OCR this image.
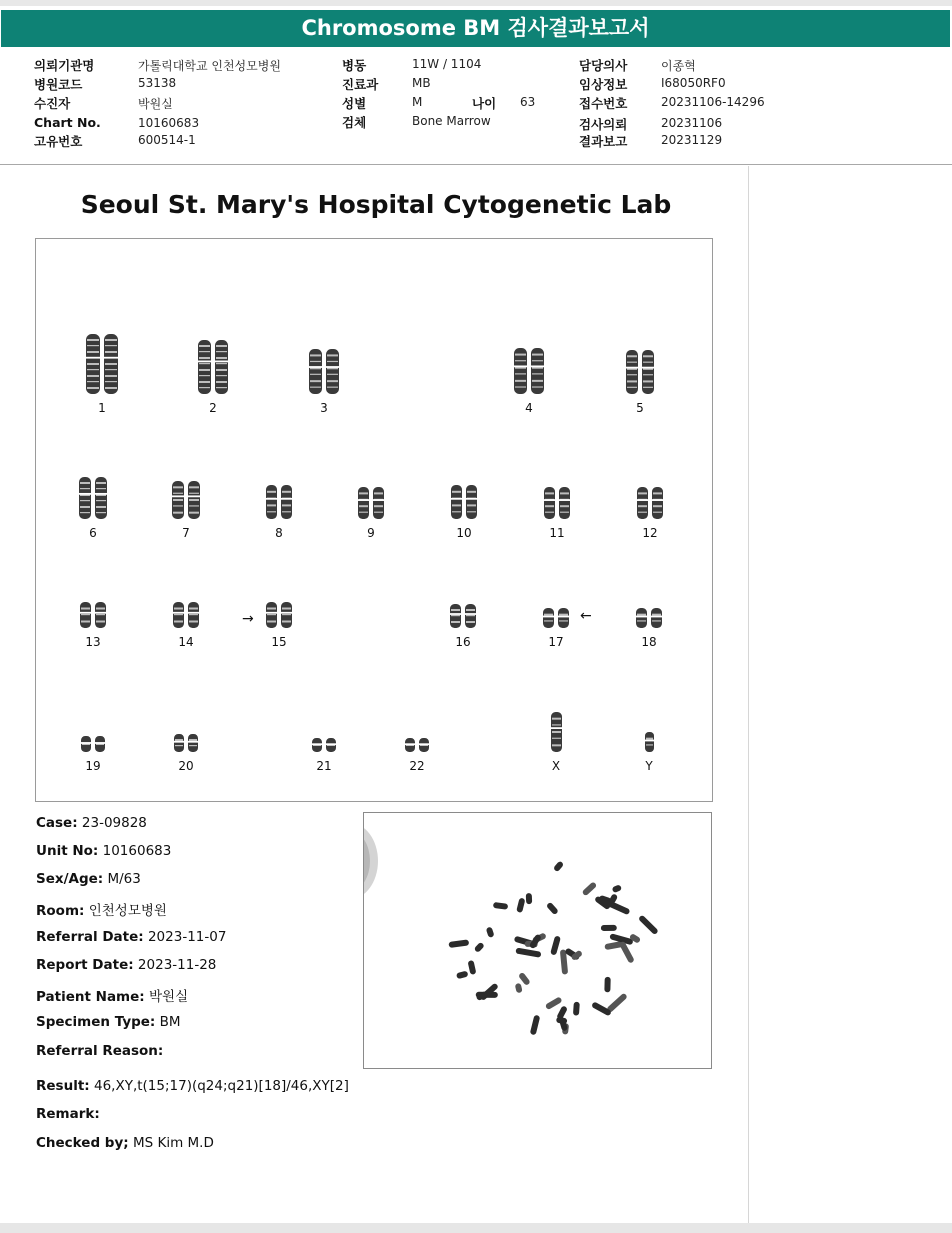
Chromosome BM 검사결과보고서
의뢰기관명	가톨릭대학교 인천성모병원
병원코드	53138
수진자	박원실
Chart No.	10160683
고유번호	600514-1
병동	11W / 1104
진료과	MB
성별	M	나이 63
검체	Bone Marrow
담당의사	이종혁
임상정보	I68050RF0
접수번호	20231106-14296
검사의뢰	20231106
결과보고	20231129
Seoul St. Mary's Hospital Cytogenetic Lab
→	←
1	2	3	4	5
6	7	8	9	10	11	12
13	14	15	16	17	18
19	20	21	22	X	Y
Case: 23-09828
Unit No: 10160683
Sex/Age: M/63
Room: 인천성모병원
Referral Date: 2023-11-07
Report Date: 2023-11-28
Patient Name: 박원실
Specimen Type: BM
Referral Reason:
Result: 46,XY,t(15;17)(q24;q21)[18]/46,XY[2]
Remark:
Checked by; MS Kim M.D
